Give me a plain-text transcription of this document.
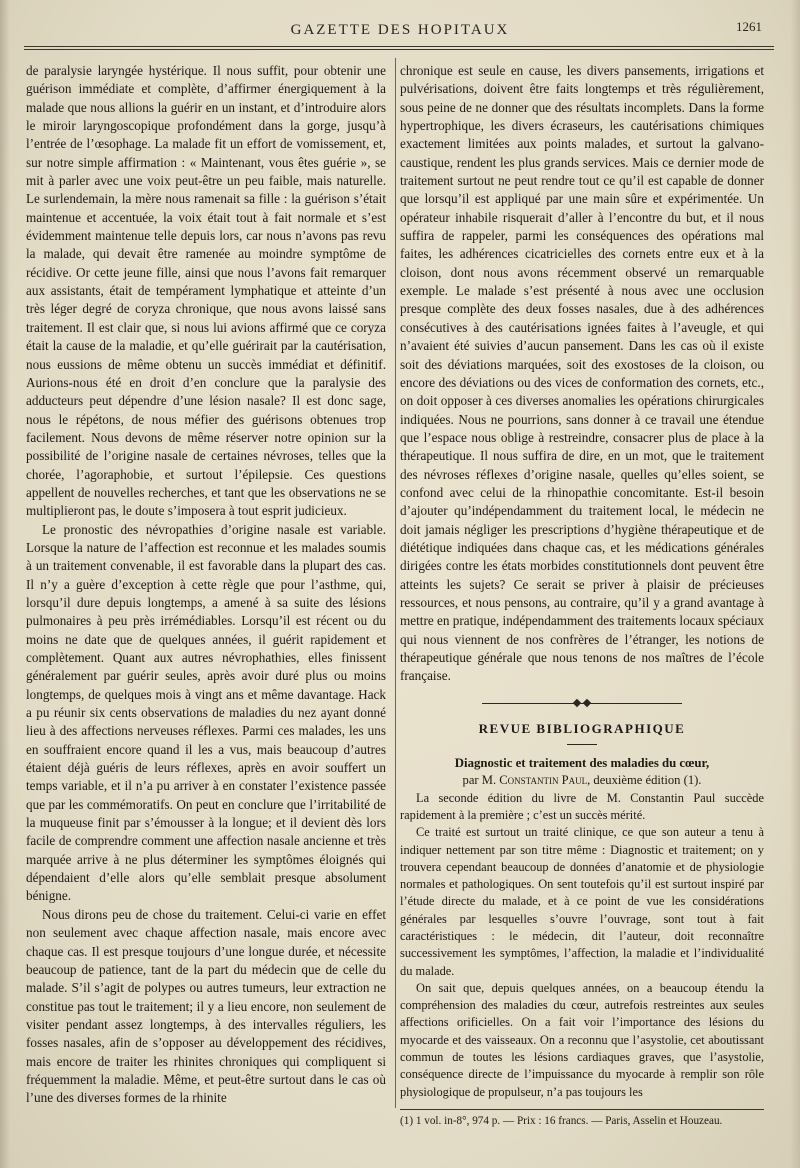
GAZETTE DES HOPITAUX	1261

de paralysie laryngée hystérique. Il nous suffit, pour obtenir une guérison immédiate et complète, d’affirmer énergiquement à la malade que nous allions la guérir en un instant, et d’introduire alors le miroir laryngoscopique profondément dans la gorge, jusqu’à l’entrée de l’œsophage. La malade fit un effort de vomissement, et, sur notre simple affirmation : « Maintenant, vous êtes guérie », se mit à parler avec une voix peut-être un peu faible, mais naturelle. Le surlendemain, la mère nous ramenait sa fille : la guérison s’était maintenue et accentuée, la voix était tout à fait normale et s’est évidemment maintenue telle depuis lors, car nous n’avons pas revu la malade, qui devait être ramenée au moindre symptôme de récidive. Or cette jeune fille, ainsi que nous l’avons fait remarquer aux assistants, était de tempérament lymphatique et atteinte d’un très léger degré de coryza chronique, que nous avons laissé sans traitement. Il est clair que, si nous lui avions affirmé que ce coryza était la cause de la maladie, et qu’elle guérirait par la cautérisation, nous eussions de même obtenu un succès immédiat et définitif. Aurions-nous été en droit d’en conclure que la paralysie des adducteurs peut dépendre d’une lésion nasale? Il est donc sage, nous le répétons, de nous méfier des guérisons obtenues trop facilement. Nous devons de même réserver notre opinion sur la possibilité de l’origine nasale de certaines névroses, telles que la chorée, l’agoraphobie, et surtout l’épilepsie. Ces questions appellent de nouvelles recherches, et tant que les observations ne se multiplieront pas, le doute s’imposera à tout esprit judicieux.

Le pronostic des névropathies d’origine nasale est variable. Lorsque la nature de l’affection est reconnue et les malades soumis à un traitement convenable, il est favorable dans la plupart des cas. Il n’y a guère d’exception à cette règle que pour l’asthme, qui, lorsqu’il dure depuis longtemps, a amené à sa suite des lésions pulmonaires à peu près irrémédiables. Lorsqu’il est récent ou du moins ne date que de quelques années, il guérit rapidement et complètement. Quant aux autres névrophathies, elles finissent généralement par guérir seules, après avoir duré plus ou moins longtemps, de quelques mois à vingt ans et même davantage. Hack a pu réunir six cents observations de maladies du nez ayant donné lieu à des affections nerveuses réflexes. Parmi ces malades, les uns en souffraient encore quand il les a vus, mais beaucoup d’autres étaient déjà guéris de leurs réflexes, après en avoir souffert un temps variable, et il n’a pu arriver à en constater l’existence passée que par les commémoratifs. On peut en conclure que l’irritabilité de la muqueuse finit par s’émousser à la longue; et il devient dès lors facile de comprendre comment une affection nasale ancienne et très marquée arrive à ne plus déterminer les symptômes éloignés qui dépendaient d’elle alors qu’elle semblait presque absolument bénigne.

Nous dirons peu de chose du traitement. Celui-ci varie en effet non seulement avec chaque affection nasale, mais encore avec chaque cas. Il est presque toujours d’une longue durée, et nécessite beaucoup de patience, tant de la part du médecin que de celle du malade. S’il s’agit de polypes ou autres tumeurs, leur extraction ne constitue pas tout le traitement; il y a lieu encore, non seulement de visiter pendant assez longtemps, à des intervalles réguliers, les fosses nasales, afin de s’opposer au développement des récidives, mais encore de traiter les rhinites chroniques qui compliquent si fréquemment la maladie. Même, et peut-être surtout dans le cas où l’une des diverses formes de la rhinite

chronique est seule en cause, les divers pansements, irrigations et pulvérisations, doivent être faits longtemps et très régulièrement, sous peine de ne donner que des résultats incomplets. Dans la forme hypertrophique, les divers écraseurs, les cautérisations chimiques exactement limitées aux points malades, et surtout la galvano-caustique, rendent les plus grands services. Mais ce dernier mode de traitement surtout ne peut rendre tout ce qu’il est capable de donner que lorsqu’il est appliqué par une main sûre et expérimentée. Un opérateur inhabile risquerait d’aller à l’encontre du but, et il nous suffira de rappeler, parmi les conséquences des opérations mal faites, les adhérences cicatricielles des cornets entre eux et à la cloison, dont nous avons récemment observé un remarquable exemple. Le malade s’est présenté à nous avec une occlusion presque complète des deux fosses nasales, due à des adhérences consécutives à des cautérisations ignées faites à l’aveugle, et qui n’avaient été suivies d’aucun pansement. Dans les cas où il existe soit des déviations marquées, soit des exostoses de la cloison, ou encore des déviations ou des vices de conformation des cornets, etc., on doit opposer à ces diverses anomalies les opérations chirurgicales indiquées. Nous ne pourrions, sans donner à ce travail une étendue que l’espace nous oblige à restreindre, consacrer plus de place à la thérapeutique. Il nous suffira de dire, en un mot, que le traitement des névroses réflexes d’origine nasale, quelles qu’elles soient, se confond avec celui de la rhinopathie concomitante. Est-il besoin d’ajouter qu’indépendamment du traitement local, le médecin ne doit jamais négliger les prescriptions d’hygiène thérapeutique et de diététique indiquées dans chaque cas, et les médications générales dirigées contre les états morbides constitutionnels dont peuvent être atteints les sujets? Ce serait se priver à plaisir de précieuses ressources, et nous pensons, au contraire, qu’il y a grand avantage à mettre en pratique, indépendamment des traitements locaux spéciaux qui nous viennent de nos confrères de l’étranger, les notions de thérapeutique générale que nous tenons de nos maîtres de l’école française.

REVUE BIBLIOGRAPHIQUE

Diagnostic et traitement des maladies du cœur,

par M. Constantin Paul, deuxième édition (1).

La seconde édition du livre de M. Constantin Paul succède rapidement à la première ; c’est un succès mérité.

Ce traité est surtout un traité clinique, ce que son auteur a tenu à indiquer nettement par son titre même : Diagnostic et traitement; on y trouvera cependant beaucoup de données d’anatomie et de physiologie normales et pathologiques. On sent toutefois qu’il est surtout inspiré par l’étude directe du malade, et à ce point de vue les considérations générales par lesquelles s’ouvre l’ouvrage, sont tout à fait caractéristiques : le médecin, dit l’auteur, doit reconnaître successivement les symptômes, l’affection, la maladie et l’individualité du malade.

On sait que, depuis quelques années, on a beaucoup étendu la compréhension des maladies du cœur, autrefois restreintes aux seules affections orificielles. On a fait voir l’importance des lésions du myocarde et des vaisseaux. On a reconnu que l’asystolie, cet aboutissant commun de toutes les lésions cardiaques graves, que l’asystolie, conséquence directe de l’impuissance du myocarde à remplir son rôle physiologique de propulseur, n’a pas toujours les

(1) 1 vol. in-8°, 974 p. — Prix : 16 francs. — Paris, Asselin et Houzeau.
